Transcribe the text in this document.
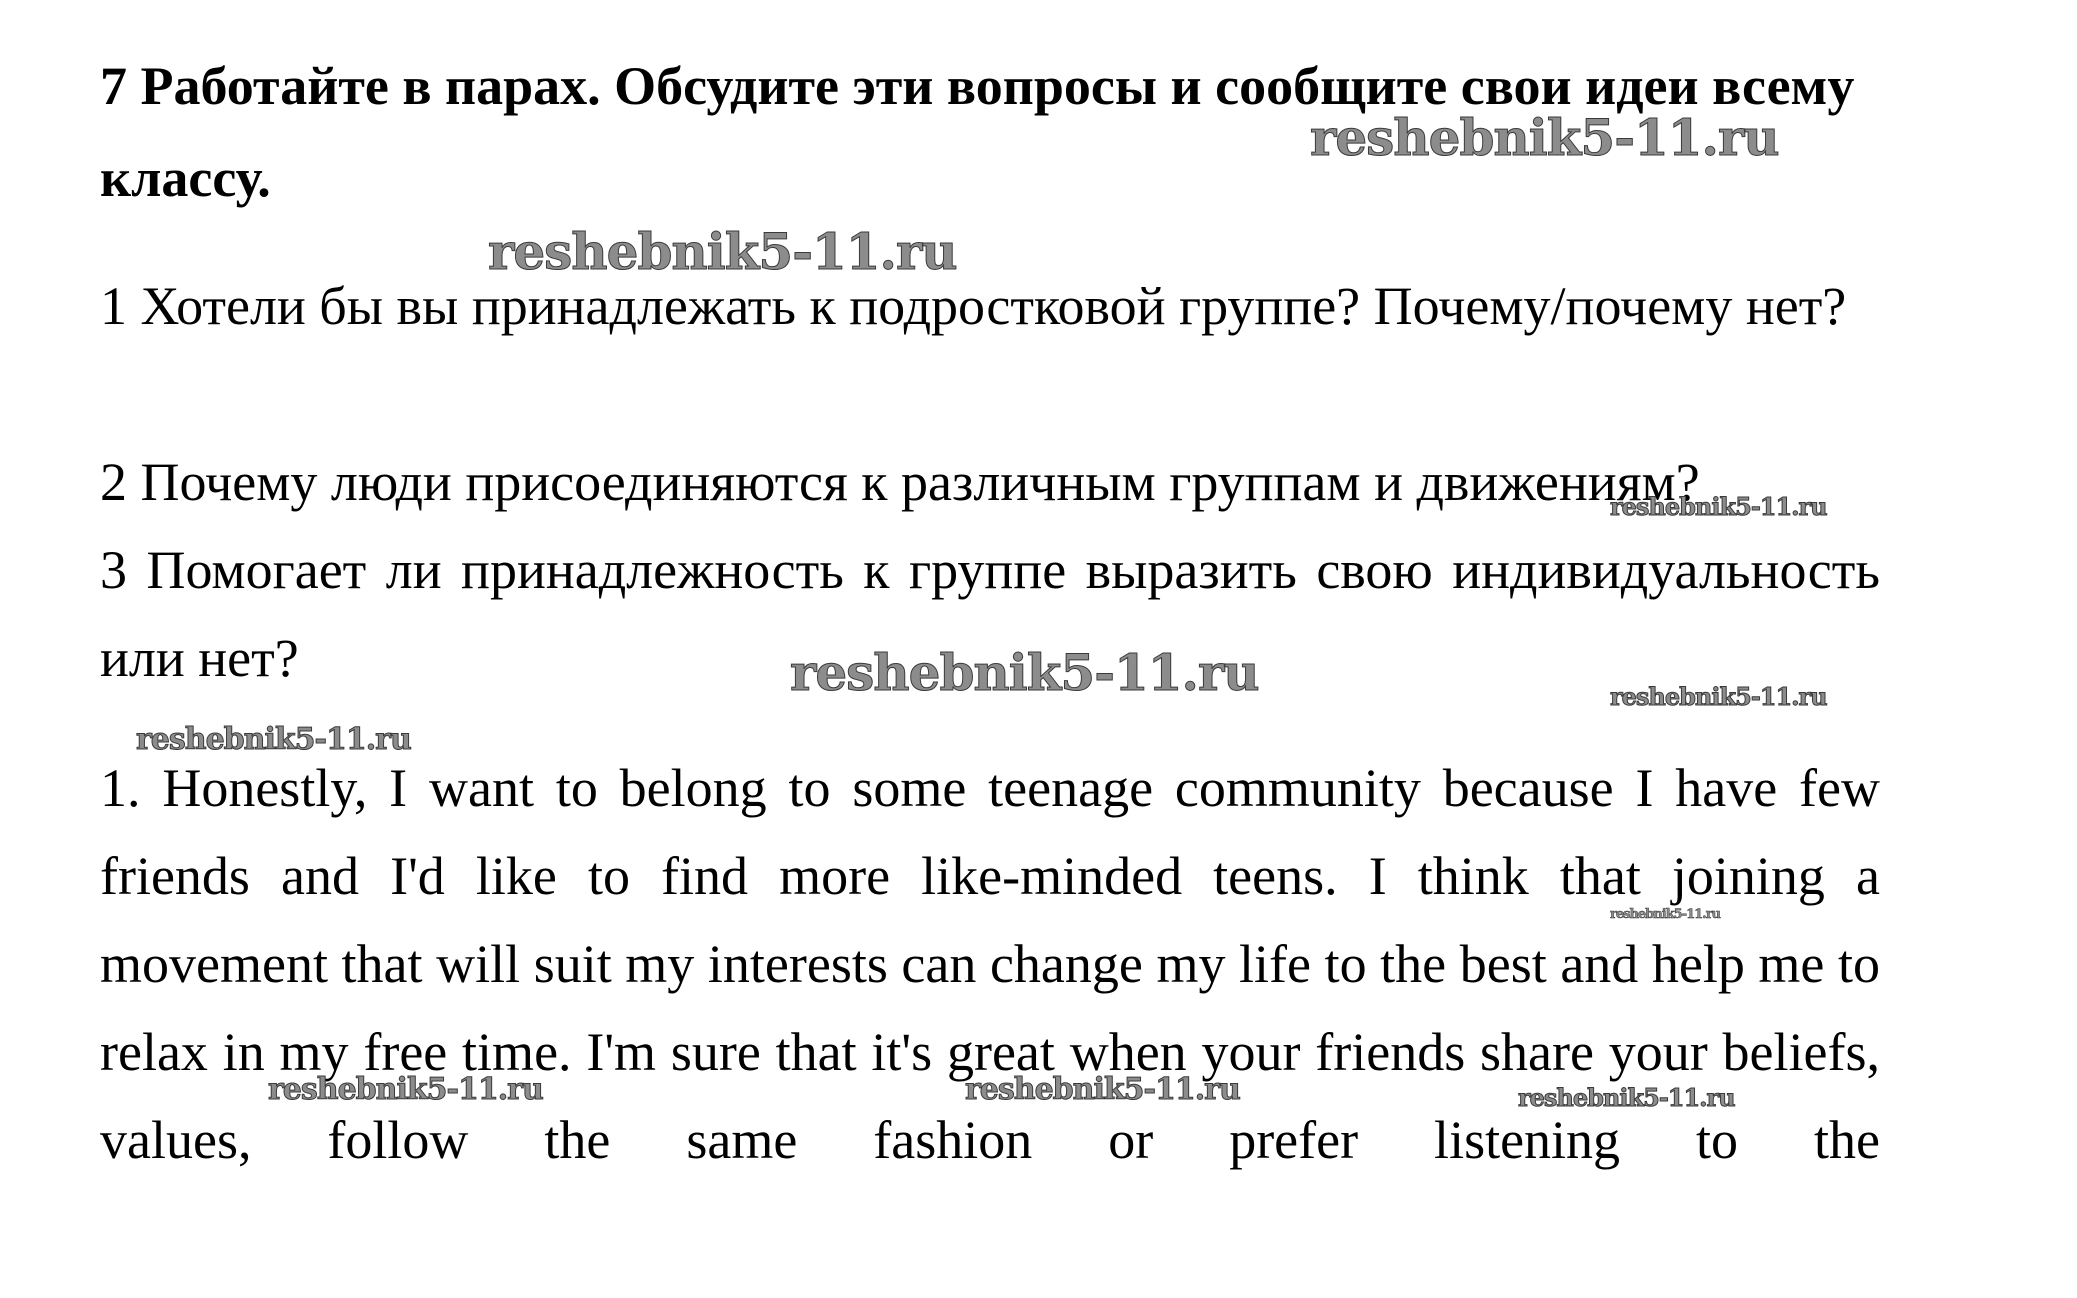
7 Работайте в парах. Обсудите эти вопросы и сообщите свои идеи всему классу.

1 Хотели бы вы принадлежать к подростковой группе? Почему/почему нет?

2 Почему люди присоединяются к различным группам и движениям?

3 Помогает ли принадлежность к группе выразить свою индивидуальность или нет?

1. Honestly, I want to belong to some teenage community because I have few friends and I'd like to find more like-minded teens. I think that joining a movement that will suit my interests can change my life to the best and help me to relax in my free time. I'm sure that it's great when your friends share your beliefs, values, follow the same fashion or prefer listening to the

reshebnik5-11.ru
reshebnik5-11.ru
reshebnik5-11.ru
reshebnik5-11.ru	reshebnik5-11.ru
reshebnik5-11.ru
reshebnik5-11.ru
reshebnik5-11.ru	reshebnik5-11.ru	reshebnik5-11.ru
